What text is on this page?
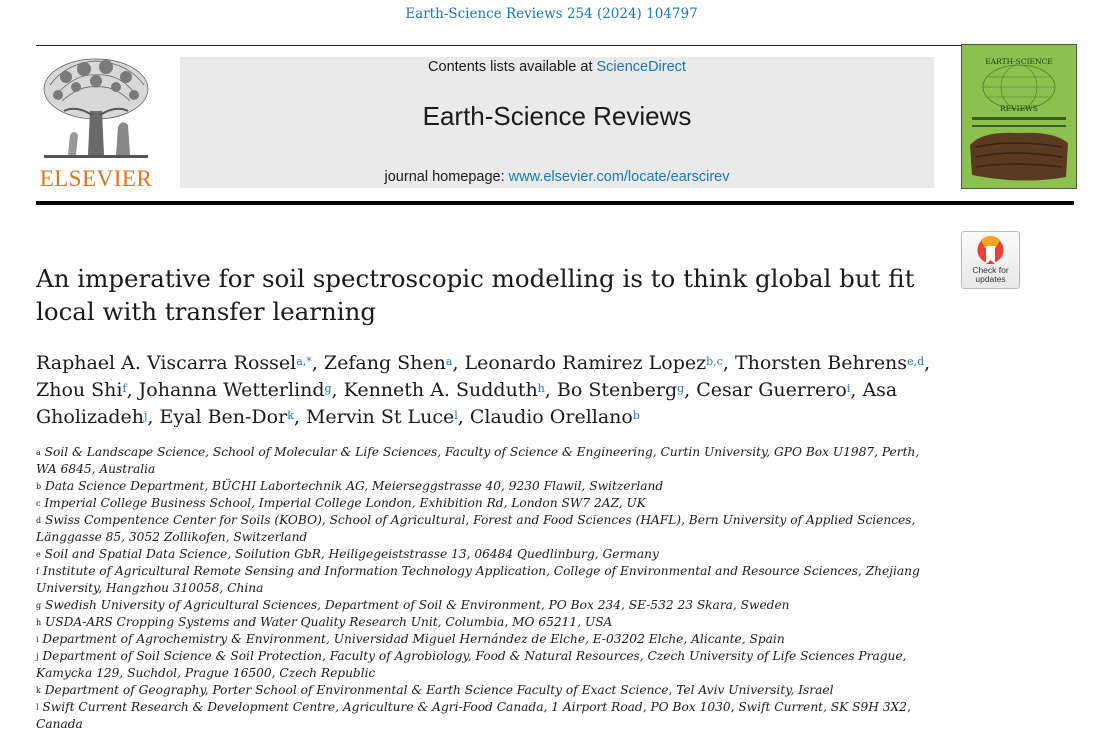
Earth-Science Reviews 254 (2024) 104797
ELSEVIER
Contents lists available at ScienceDirect
Earth-Science Reviews
journal homepage: www.elsevier.com/locate/earscirev
EARTH-SCIENCE
REVIEWS
Check for
updates
An imperative for soil spectroscopic modelling is to think global but fit local with transfer learning
Raphael A. Viscarra Rossel$^{a,*}$, Zefang Shen$^a$, Leonardo Ramirez Lopez$^{b,c}$, Thorsten Behrens$^{e,d}$, Zhou Shi$^f$, Johanna Wetterlind$^g$, Kenneth A. Sudduth$^h$, Bo Stenberg$^g$, Cesar Guerrero$^i$, Asa Gholizadeh$^j$, Eyal Ben-Dor$^k$, Mervin St Luce$^l$, Claudio Orellano$^b$
$^a$ Soil & Landscape Science, School of Molecular & Life Sciences, Faculty of Science & Engineering, Curtin University, GPO Box U1987, Perth, WA 6845, Australia
$^b$ Data Science Department, BÜCHI Labortechnik AG, Meierseggstrasse 40, 9230 Flawil, Switzerland
$^c$ Imperial College Business School, Imperial College London, Exhibition Rd, London SW7 2AZ, UK
$^d$ Swiss Compentence Center for Soils (KOBO), School of Agricultural, Forest and Food Sciences (HAFL), Bern University of Applied Sciences, Länggasse 85, 3052 Zollikofen, Switzerland
$^e$ Soil and Spatial Data Science, Soilution GbR, Heiligegeiststrasse 13, 06484 Quedlinburg, Germany
$^f$ Institute of Agricultural Remote Sensing and Information Technology Application, College of Environmental and Resource Sciences, Zhejiang University, Hangzhou 310058, China
$^g$ Swedish University of Agricultural Sciences, Department of Soil & Environment, PO Box 234, SE-532 23 Skara, Sweden
$^h$ USDA-ARS Cropping Systems and Water Quality Research Unit, Columbia, MO 65211, USA
$^i$ Department of Agrochemistry & Environment, Universidad Miguel Hernández de Elche, E-03202 Elche, Alicante, Spain
$^j$ Department of Soil Science & Soil Protection, Faculty of Agrobiology, Food & Natural Resources, Czech University of Life Sciences Prague, Kamycka 129, Suchdol, Prague 16500, Czech Republic
$^k$ Department of Geography, Porter School of Environmental & Earth Science Faculty of Exact Science, Tel Aviv University, Israel
$^l$ Swift Current Research & Development Centre, Agriculture & Agri-Food Canada, 1 Airport Road, PO Box 1030, Swift Current, SK S9H 3X2, Canada
